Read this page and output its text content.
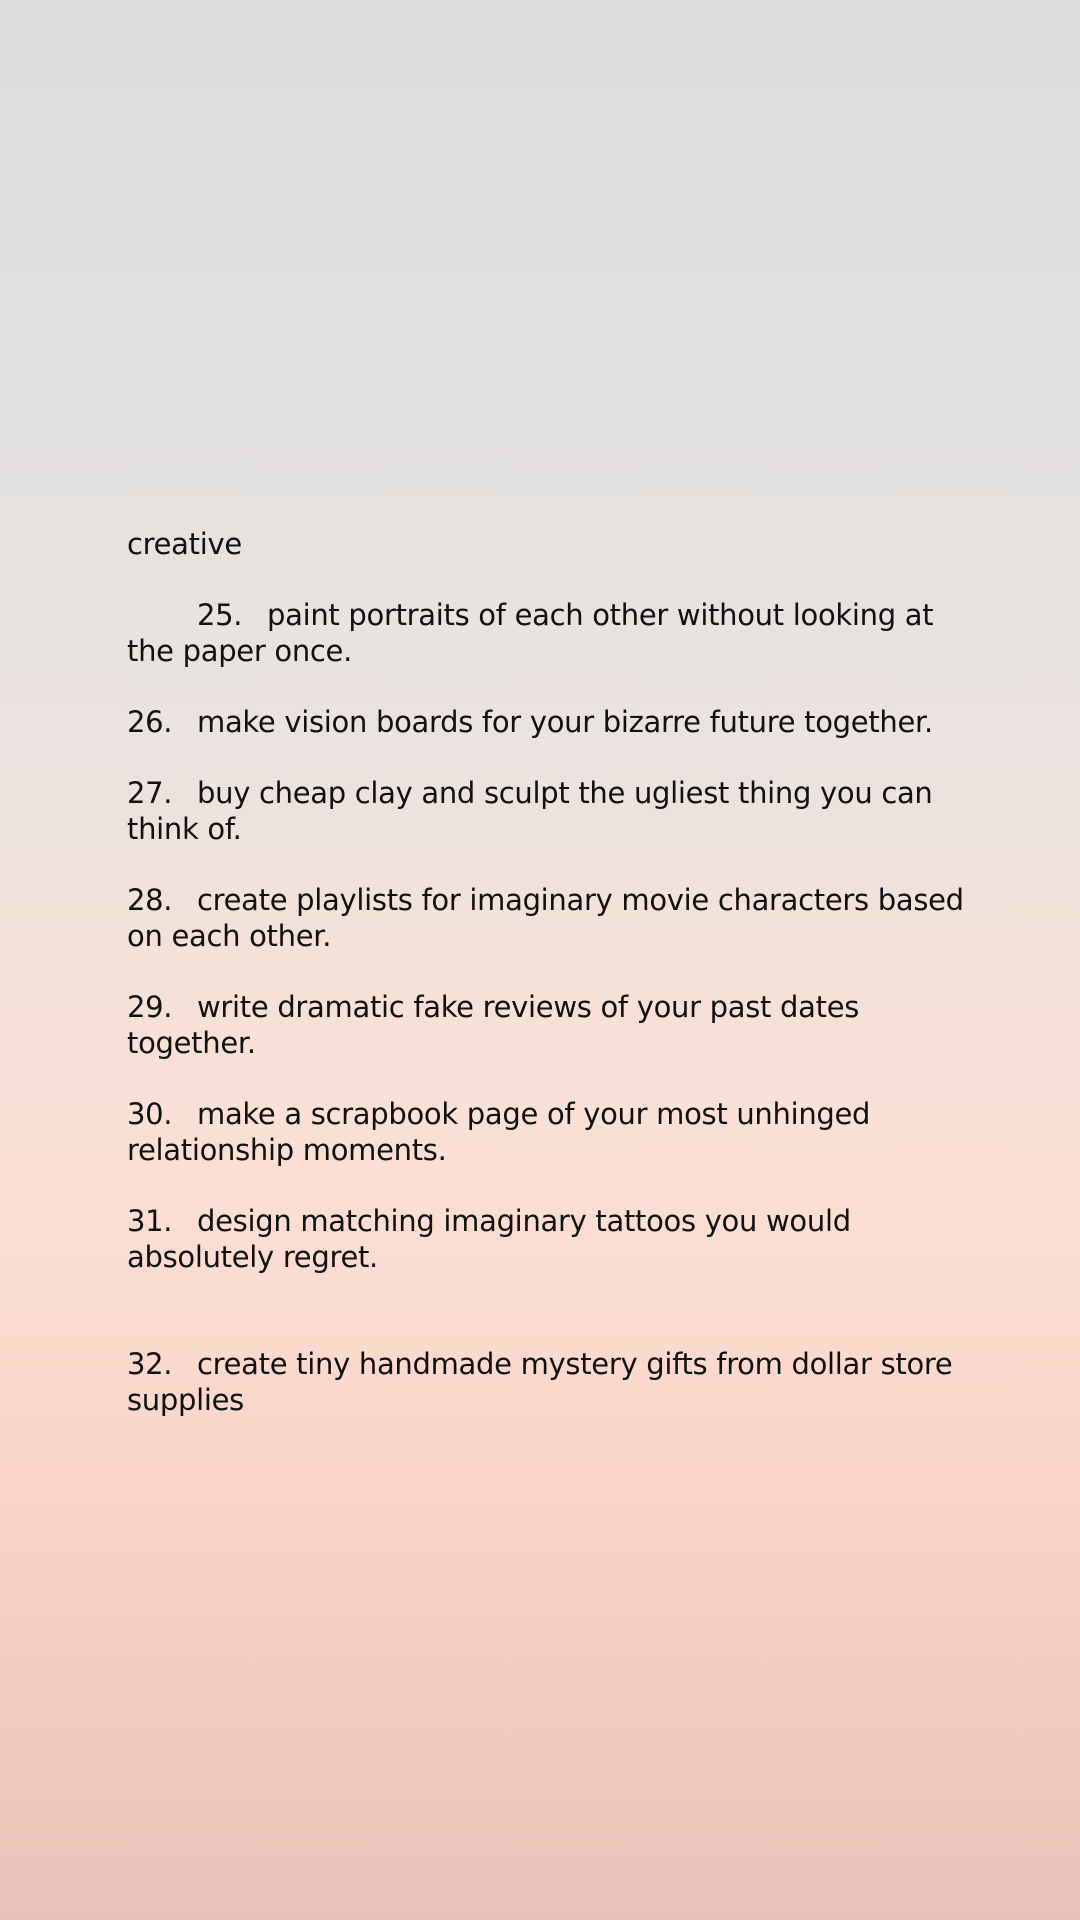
creative
25. paint portraits of each other without looking at the paper once.
26. make vision boards for your bizarre future together.
27. buy cheap clay and sculpt the ugliest thing you can think of.
28. create playlists for imaginary movie characters based on each other.
29. write dramatic fake reviews of your past dates together.
30. make a scrapbook page of your most unhinged relationship moments.
31. design matching imaginary tattoos you would absolutely regret.
32. create tiny handmade mystery gifts from dollar store supplies
